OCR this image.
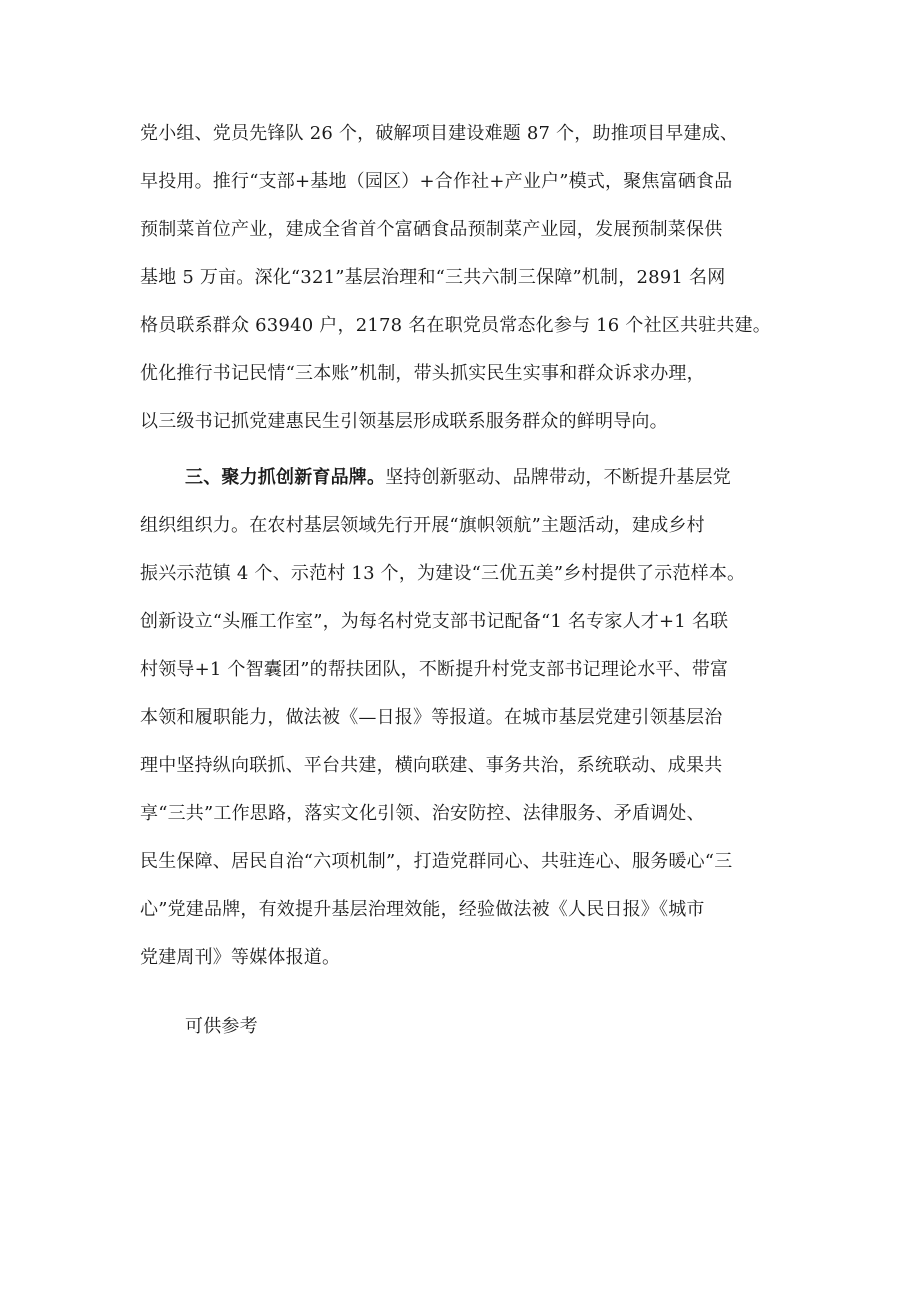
党小组、党员先锋队 26 个，破解项目建设难题 87 个，助推项目早建成、
早投用。推行“支部+基地（园区）+合作社+产业户”模式，聚焦富硒食品
预制菜首位产业，建成全省首个富硒食品预制菜产业园，发展预制菜保供
基地 5 万亩。深化“321”基层治理和“三共六制三保障”机制，2891 名网
格员联系群众 63940 户，2178 名在职党员常态化参与 16 个社区共驻共建。
优化推行书记民情“三本账”机制，带头抓实民生实事和群众诉求办理，
以三级书记抓党建惠民生引领基层形成联系服务群众的鲜明导向。
三、聚力抓创新育品牌。坚持创新驱动、品牌带动，不断提升基层党
组织组织力。在农村基层领域先行开展“旗帜领航”主题活动，建成乡村
振兴示范镇 4 个、示范村 13 个，为建设“三优五美”乡村提供了示范样本。
创新设立“头雁工作室”，为每名村党支部书记配备“1 名专家人才+1 名联
村领导+1 个智囊团”的帮扶团队，不断提升村党支部书记理论水平、带富
本领和履职能力，做法被《—日报》等报道。在城市基层党建引领基层治
理中坚持纵向联抓、平台共建，横向联建、事务共治，系统联动、成果共
享“三共”工作思路，落实文化引领、治安防控、法律服务、矛盾调处、
民生保障、居民自治“六项机制”，打造党群同心、共驻连心、服务暖心“三
心”党建品牌，有效提升基层治理效能，经验做法被《人民日报》《城市
党建周刊》等媒体报道。
可供参考
